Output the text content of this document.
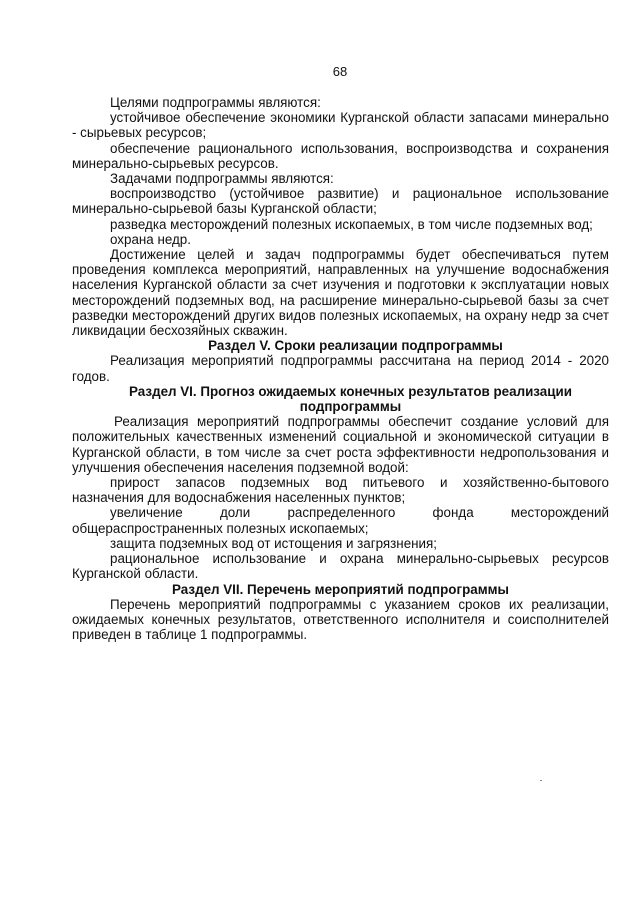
68

Целями подпрограммы являются:

устойчивое обеспечение экономики Курганской области запасами минерально - сырьевых ресурсов;

обеспечение рационального использования, воспроизводства и сохранения минерально-сырьевых ресурсов.

Задачами подпрограммы являются:

воспроизводство (устойчивое развитие) и рациональное использование минерально-сырьевой базы Курганской области;

разведка месторождений полезных ископаемых, в том числе подземных вод;

охрана недр.

Достижение целей и задач подпрограммы будет обеспечиваться путем проведения комплекса мероприятий, направленных на улучшение водоснабжения населения Курганской области за счет изучения и подготовки к эксплуатации новых месторождений подземных вод, на расширение минерально-сырьевой базы за счет разведки месторождений других видов полезных ископаемых, на охрану недр за счет ликвидации бесхозяйных скважин.

Раздел V. Сроки реализации подпрограммы

Реализация мероприятий подпрограммы рассчитана на период 2014 - 2020 годов.

Раздел VI. Прогноз ожидаемых конечных результатов реализации подпрограммы

Реализация мероприятий подпрограммы обеспечит создание условий для положительных качественных изменений социальной и экономической ситуации в Курганской области, в том числе за счет роста эффективности недропользования и улучшения обеспечения населения подземной водой:

прирост запасов подземных вод питьевого и хозяйственно-бытового назначения для водоснабжения населенных пунктов;

увеличение доли распределенного фонда месторождений общераспространенных полезных ископаемых;

защита подземных вод от истощения и загрязнения;

рациональное использование и охрана минерально-сырьевых ресурсов Курганской области.

Раздел VII. Перечень мероприятий подпрограммы

Перечень мероприятий подпрограммы с указанием сроков их реализации, ожидаемых конечных результатов, ответственного исполнителя и соисполнителей приведен в таблице 1 подпрограммы.
